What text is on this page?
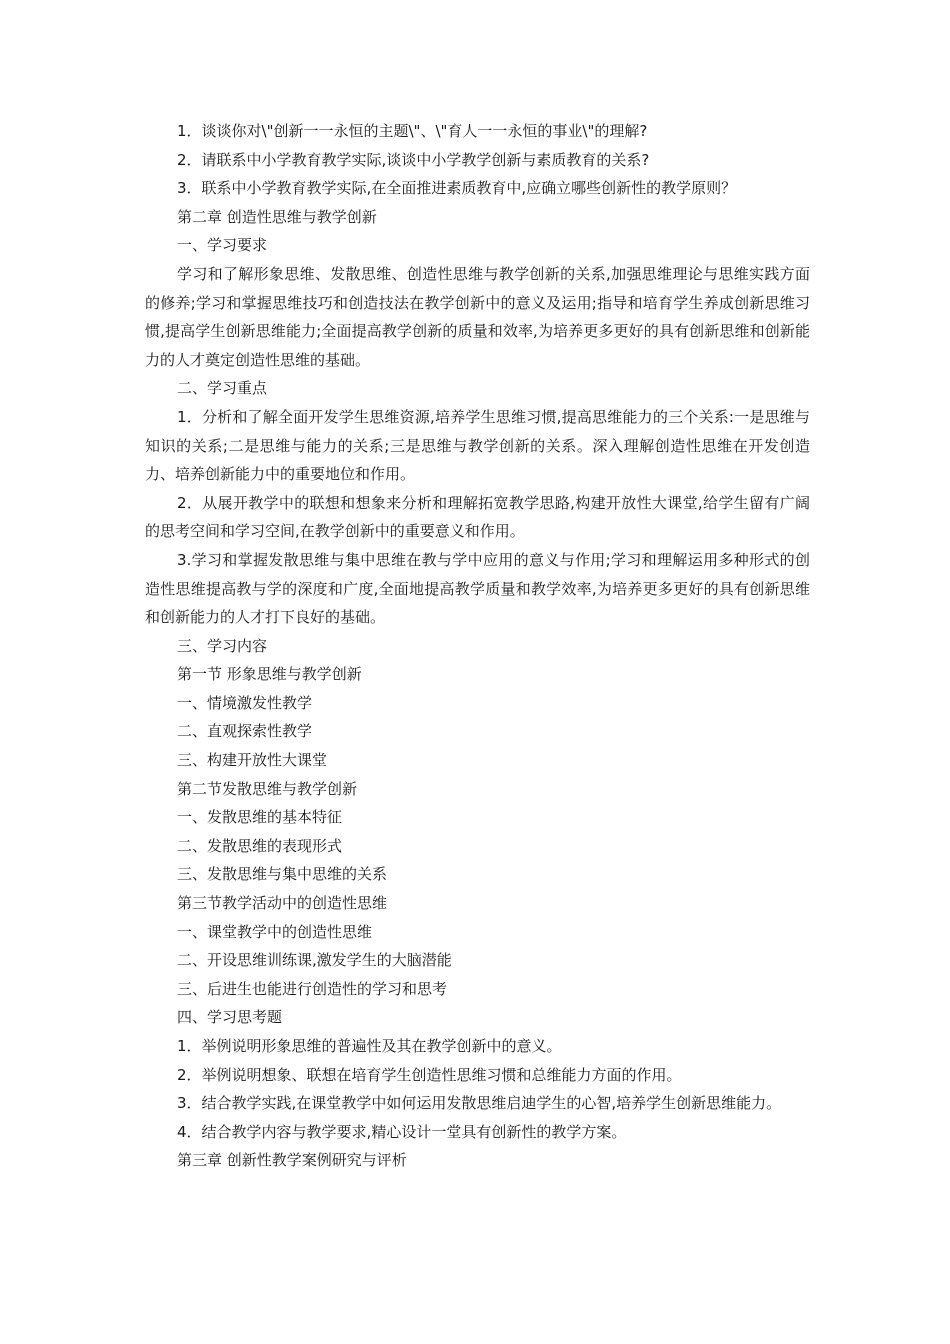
1．谈谈你对\"创新一一永恒的主题\"、\"育人一一永恒的事业\"的理解?

2．请联系中小学教育教学实际,谈谈中小学教学创新与素质教育的关系?

3．联系中小学教育教学实际,在全面推进素质教育中,应确立哪些创新性的教学原则？

第二章 创造性思维与教学创新

一、学习要求

学习和了解形象思维、发散思维、创造性思维与教学创新的关系,加强思维理论与思维实践方面的修养;学习和掌握思维技巧和创造技法在教学创新中的意义及运用;指导和培育学生养成创新思维习惯,提高学生创新思维能力;全面提高教学创新的质量和效率,为培养更多更好的具有创新思维和创新能力的人才奠定创造性思维的基础。

二、学习重点

1．分析和了解全面开发学生思维资源,培养学生思维习惯,提高思维能力的三个关系:一是思维与知识的关系;二是思维与能力的关系;三是思维与教学创新的关系。深入理解创造性思维在开发创造力、培养创新能力中的重要地位和作用。

2．从展开教学中的联想和想象来分析和理解拓宽教学思路,构建开放性大课堂,给学生留有广阔的思考空间和学习空间,在教学创新中的重要意义和作用。

3.学习和掌握发散思维与集中思维在教与学中应用的意义与作用;学习和理解运用多种形式的创造性思维提高教与学的深度和广度,全面地提高教学质量和教学效率,为培养更多更好的具有创新思维和创新能力的人才打下良好的基础。

三、学习内容

第一节 形象思维与教学创新

一、情境激发性教学

二、直观探索性教学

三、构建开放性大课堂

第二节发散思维与教学创新

一、发散思维的基本特征

二、发散思维的表现形式

三、发散思维与集中思维的关系

第三节教学活动中的创造性思维

一、课堂教学中的创造性思维

二、开设思维训练课,激发学生的大脑潜能

三、后进生也能进行创造性的学习和思考

四、学习思考题

1．举例说明形象思维的普遍性及其在教学创新中的意义。

2．举例说明想象、联想在培育学生创造性思维习惯和总维能力方面的作用。

3．结合教学实践,在课堂教学中如何运用发散思维启迪学生的心智,培养学生创新思维能力。

4．结合教学内容与教学要求,精心设计一堂具有创新性的教学方案。

第三章 创新性教学案例研究与评析
